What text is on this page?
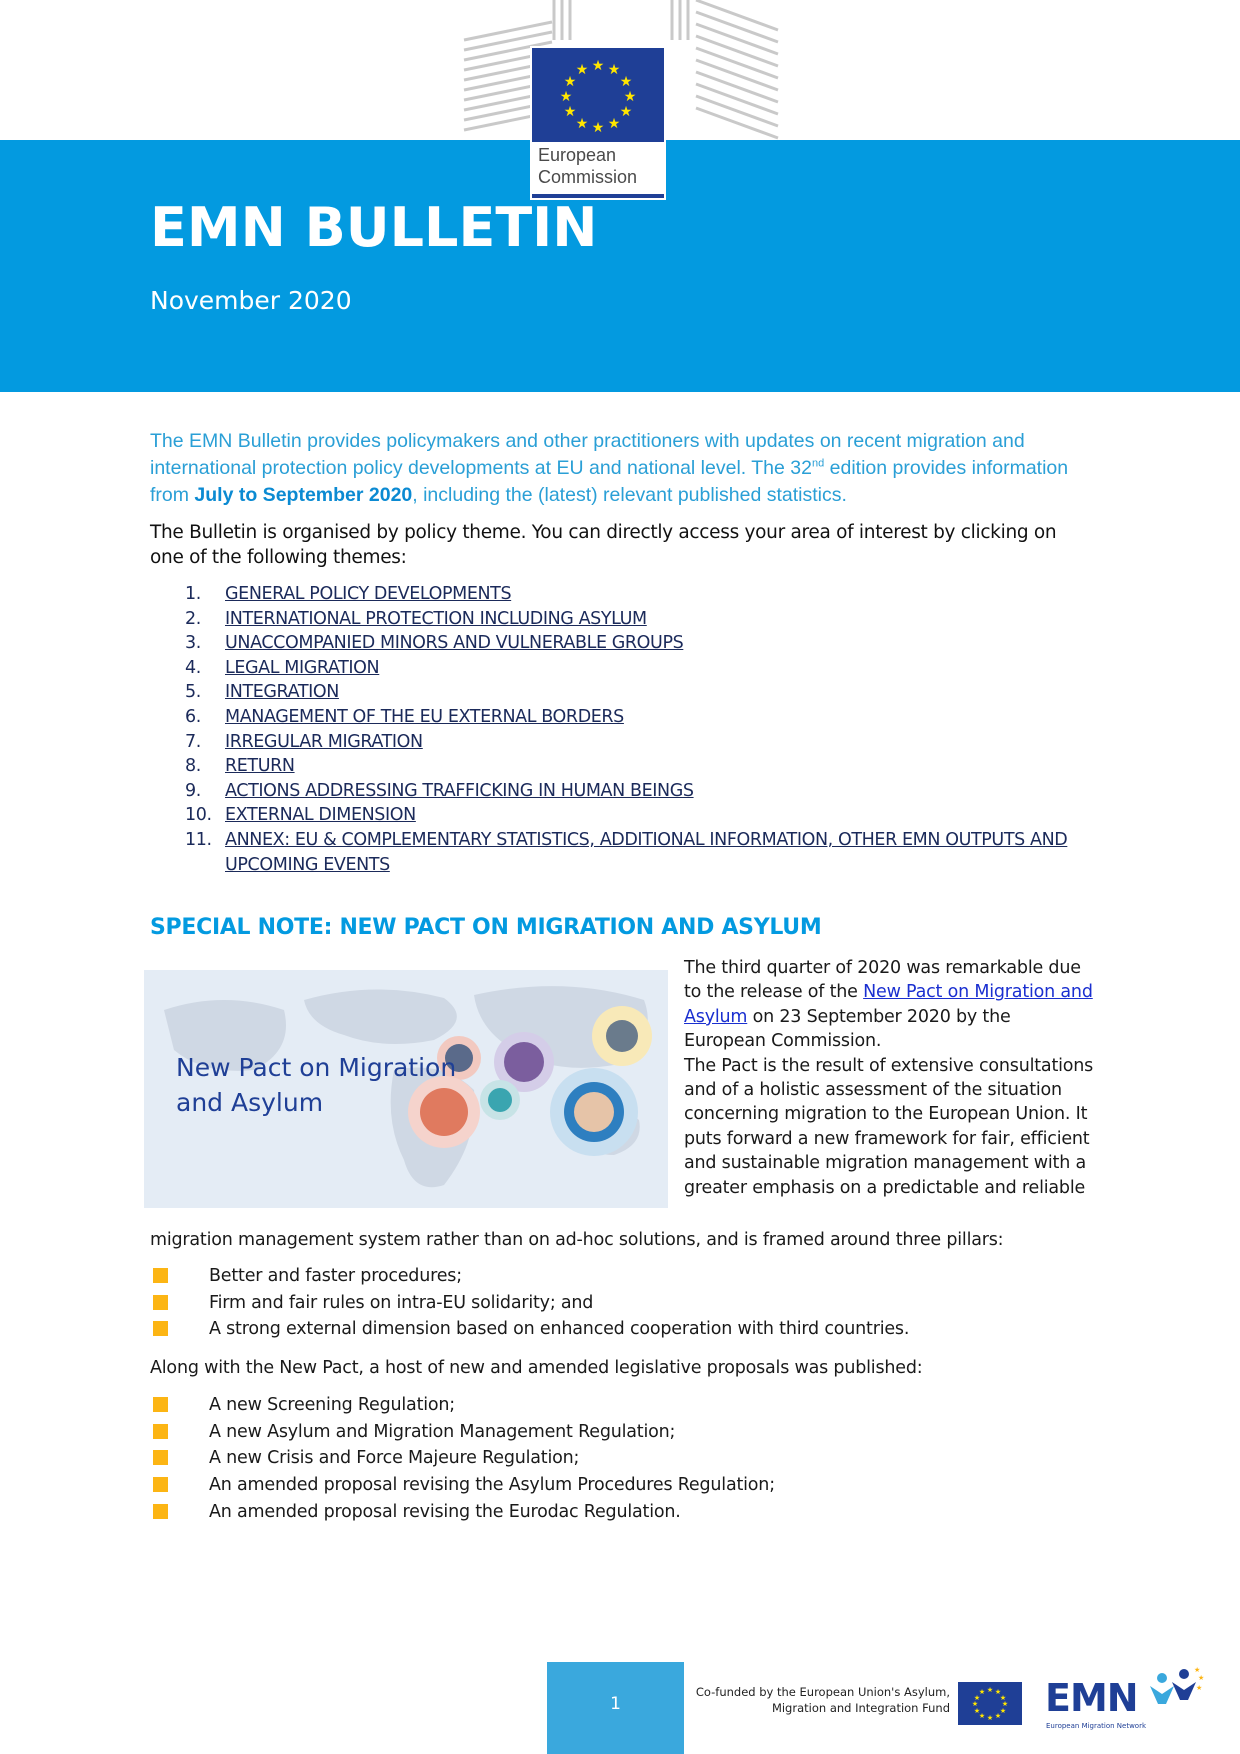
★ ★
★
★
★
★
★
★
★
★
★
★
European
Commission
EMN BULLETIN
November 2020

The EMN Bulletin provides policymakers and other practitioners with updates on recent migration and international protection policy developments at EU and national level. The 32nd edition provides information from July to September 2020, including the (latest) relevant published statistics.

The Bulletin is organised by policy theme. You can directly access your area of interest by clicking on one of the following themes:

1. GENERAL POLICY DEVELOPMENTS
2. INTERNATIONAL PROTECTION INCLUDING ASYLUM
3. UNACCOMPANIED MINORS AND VULNERABLE GROUPS
4. LEGAL MIGRATION
5. INTEGRATION
6. MANAGEMENT OF THE EU EXTERNAL BORDERS
7. IRREGULAR MIGRATION
8. RETURN
9. ACTIONS ADDRESSING TRAFFICKING IN HUMAN BEINGS
10. EXTERNAL DIMENSION
11. ANNEX: EU & COMPLEMENTARY STATISTICS, ADDITIONAL INFORMATION, OTHER EMN OUTPUTS AND UPCOMING EVENTS
SPECIAL NOTE: NEW PACT ON MIGRATION AND ASYLUM
New Pact on Migration
and Asylum

The third quarter of 2020 was remarkable due to the release of the New Pact on Migration and Asylum on 23 September 2020 by the European Commission.

The Pact is the result of extensive consultations and of a holistic assessment of the situation concerning migration to the European Union. It puts forward a new framework for fair, efficient and sustainable migration management with a greater emphasis on a predictable and reliable

migration management system rather than on ad-hoc solutions, and is framed around three pillars:

Better and faster procedures;
Firm and fair rules on intra-EU solidarity; and
A strong external dimension based on enhanced cooperation with third countries.

Along with the New Pact, a host of new and amended legislative proposals was published:

A new Screening Regulation;
A new Asylum and Migration Management Regulation;
A new Crisis and Force Majeure Regulation;
An amended proposal revising the Asylum Procedures Regulation;
An amended proposal revising the Eurodac Regulation.
1
Co-funded by the European Union's Asylum,
Migration and Integration Fund
★ ★
★
★
★
★
★
★
★
★
★
★ EMN
★
★
★
European Migration Network
